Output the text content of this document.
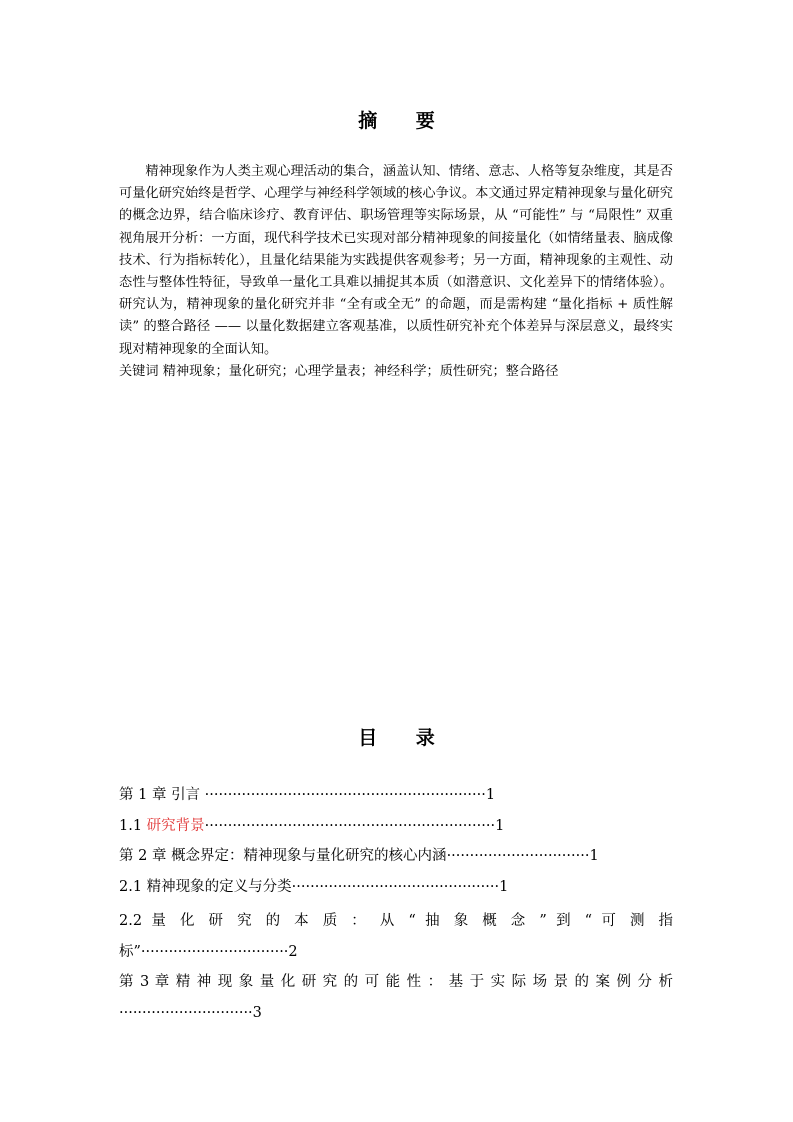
摘 要

精神现象作为人类主观心理活动的集合，涵盖认知、情绪、意志、人格等复杂维度，其是否可量化研究始终是哲学、心理学与神经科学领域的核心争议。本文通过界定精神现象与量化研究的概念边界，结合临床诊疗、教育评估、职场管理等实际场景，从 “可能性” 与 “局限性” 双重视角展开分析：一方面，现代科学技术已实现对部分精神现象的间接量化（如情绪量表、脑成像技术、行为指标转化），且量化结果能为实践提供客观参考；另一方面，精神现象的主观性、动态性与整体性特征，导致单一量化工具难以捕捉其本质（如潜意识、文化差异下的情绪体验）。研究认为，精神现象的量化研究并非 “全有或全无” 的命题，而是需构建 “量化指标 + 质性解读” 的整合路径 —— 以量化数据建立客观基准，以质性研究补充个体差异与深层意义，最终实现对精神现象的全面认知。

关键词 精神现象；量化研究；心理学量表；神经科学；质性研究；整合路径

目 录

第 1 章 引言 ·····························································1

1.1 研究背景·······························································1

第 2 章 概念界定：精神现象与量化研究的核心内涵·······························1

2.1 精神现象的定义与分类·············································1

2.2 量 化 研 究 的 本 质 ： 从 “ 抽 象 概 念 ” 到 “ 可 测 指 标”································2

第 3 章 精 神 现 象 量 化 研 究 的 可 能 性 ： 基 于 实 际 场 景 的 案 例 分 析·····························3
